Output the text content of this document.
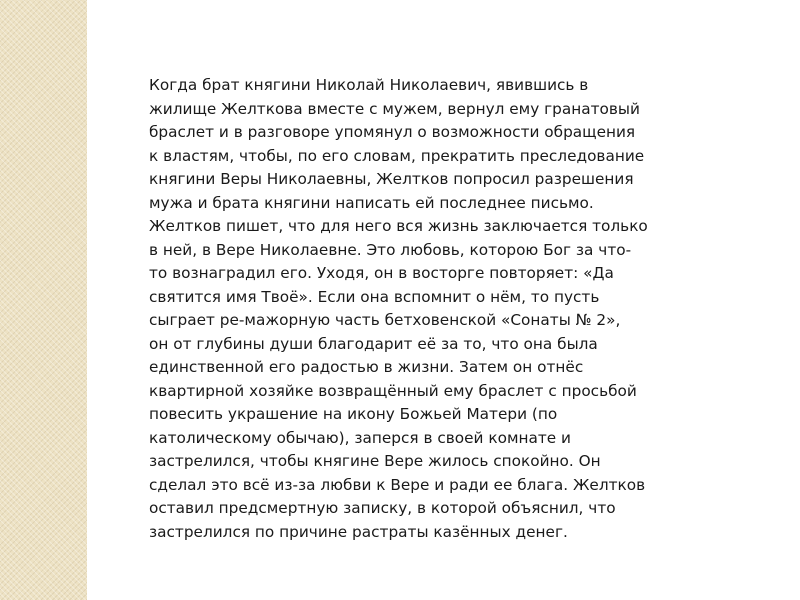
Когда брат княгини Николай Николаевич, явившись в
жилище Желткова вместе с мужем, вернул ему гранатовый
браслет и в разговоре упомянул о возможности обращения
к властям, чтобы, по его словам, прекратить преследование
княгини Веры Николаевны, Желтков попросил разрешения
мужа и брата княгини написать ей последнее письмо.
Желтков пишет, что для него вся жизнь заключается только
в ней, в Вере Николаевне. Это любовь, которою Бог за что-
то вознаградил его. Уходя, он в восторге повторяет: «Да
святится имя Твоё». Если она вспомнит о нём, то пусть
сыграет ре-мажорную часть бетховенской «Сонаты № 2»,
он от глубины души благодарит её за то, что она была
единственной его радостью в жизни. Затем он отнёс
квартирной хозяйке возвращённый ему браслет с просьбой
повесить украшение на икону Божьей Матери (по
католическому обычаю), заперся в своей комнате и
застрелился, чтобы княгине Вере жилось спокойно. Он
сделал это всё из-за любви к Вере и ради ее блага. Желтков
оставил предсмертную записку, в которой объяснил, что
застрелился по причине растраты казённых денег.
